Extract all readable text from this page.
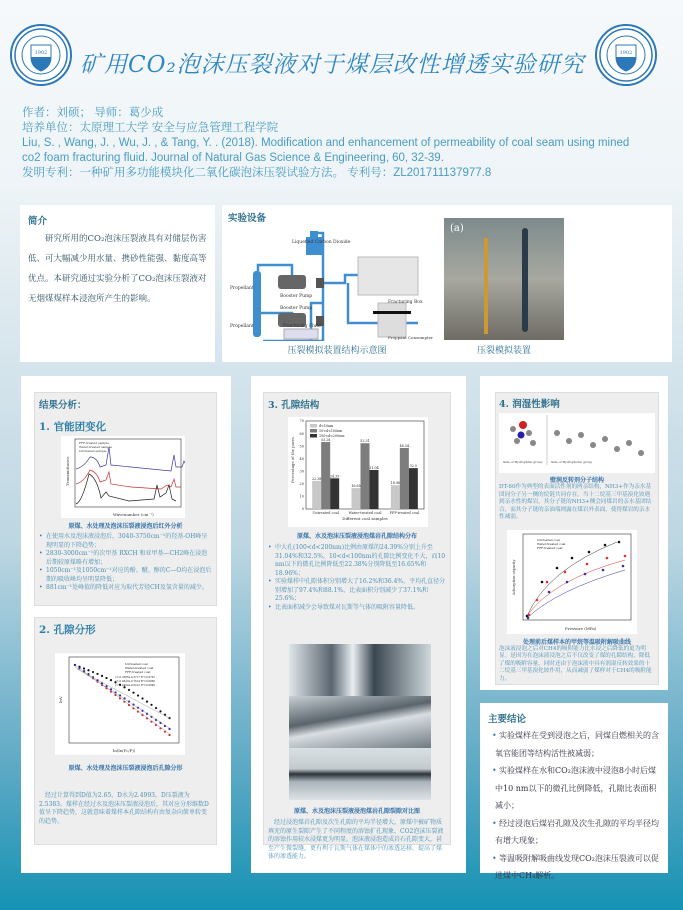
1902	1902
矿用CO₂泡沫压裂液对于煤层改性增透实验研究
作者：刘硕； 导师：葛少成
培养单位：太原理工大学 安全与应急管理工程学院
Liu, S. , Wang, J. , Wu, J. , & Tang, Y. . (2018). Modification and enhancement of permeability of coal seam using mined co2 foam fracturing fluid. Journal of Natural Gas Science & Engineering, 60, 32-39.
发明专利：一种矿用多功能模块化二氧化碳泡沫压裂试验方法。 专利号：ZL201711137977.8
简介

研究所用的CO₂泡沫压裂液具有对储层伤害低、可大幅减少用水量、携砂性能强、黏度高等优点。本研究通过实验分析了CO₂泡沫压裂液对无烟煤煤样本浸泡所产生的影响。

实验设备
Liquefied Carbon Dioxide
Propellant
Propellant
Booster Pump
Booster Pump
Fracturing Fluid
Fracturing Box
Proppant Consumpter
压裂模拟装置结构示意图
(a)
压裂模拟装置
结果分析：
1. 官能团变化
FFF-treated sample
Water-treated sample
Untreated sample
Wavenumber (cm⁻¹)
Transmittance
原煤、水处理及泡沫压裂液浸泡后红外分析
• 在使用水及泡沫液浸泡后，3040-3750cm⁻¹的羟基-OH峰呈现明显的下降趋势；
• 2830-3000cm⁻¹的次甲基 RXCH 和亚甲基—CH2峰在浸泡后期较原煤略有增加；
• 1050cm⁻¹及1050cm⁻¹对应的酚、醚、醇的C—O均在浸泡后期的吸收峰均呈明显降低；
• 881cm⁻¹处峰值的降低对应为取代芳烃CH及氢含量的减少。
2. 孔隙分形
Untreated coal
Water-treated coal
FFF-treated coal
y=-0.3386x-0.3717 R²=0.9797
y=-0.4620x-0.7614 R²=0.9860
y=-0.4464x-0.6212 R²=0.9846
ln(ln(P₀/P))
lnV
原煤、水处理及泡沫压裂液浸泡后孔隙分形
经过计算得到D值为2.65、D水为2.4993，D压裂液为2.5383。煤样在经过水及泡沫压裂液浸泡后，其对应分形维数D值呈下降趋势，这就意味着煤样本孔隙结构有由复杂向简单转变的趋势。
3. 孔隙结构
0
10
20
30
40
50
60
70
22.38
53.28
24.39
Untreated coal
16.65
52.31
31.04
Water-treated coal
18.96
48.54
32.5
FFF-treated coal
d<10nm
10<d<100nm
100<d<200nm
Different coal samples
Percentage of the pores
原煤、水及泡沫压裂液浸泡煤岩孔隙结构分布
• 中大孔(100<d<200nm)比例由原煤的24.39%分别上升至31.04%和32.5%，10<d<100nm的孔隙比例变化不大，而10 nm以下的微孔比例降低至22.38%分别降低至16.65%和18.96%；
• 实验煤样中孔隙体积分别增大了16.2%和36.4%，平均孔直径分别增加了97.4%和88.1%，比表面积分别减少了37.1%和25.6%；
• 比表面积减少会导致煤对瓦斯等气体的吸附容量降低。
原煤、水及泡沫压裂液浸泡煤岩孔隙裂隙对比图
经过浸泡煤岩孔隙及次生孔隙的平均半径增大。原煤中被矿物质填充的原生裂隙产生了不同程度的溶蚀扩孔现象，CO2泡沫压裂液的溶蚀作用较水浸煤更为明显。泡沫液浸泡造成岩石孔隙变大，甚至产生微裂缝，更有利于瓦斯气体在煤体中的渗透运移，提高了煤体的渗透能力。
4. 润湿性影响
Side of Hydrophilic group	Side of Hydrophobic group
壁润反转剂分子结构
DT-60作为典型的表面活性剂的两亲结构，NH3+作为亲水基团同分子另一侧的烷链共同存在。当十二烷基三甲基溴化铵遇到亲水性的煤岩，其分子链的NH3+侧会同煤岩的亲水基团结合，而其分子链的亲油端则露在煤岩外表面，使得煤岩的亲水性减弱。
Untreated coal
Water-treated coal
FFF-treated coal
Pressure (MPa)
Adsorption capacity
处理前后煤样本的甲烷等温吸附解吸曲线
泡沫液浸泡之后对CH4的吸附能力比水浸之后降低的更为明显。是因为在泡沫液浸泡之后不仅改变了煤的孔隙结构，降低了煤的吸附容量，同时还由于泡沫液中具有润湿反转效果的十二烷基三甲基溴化铵作用，从而减弱了煤样对于CH4的吸附能力。
主要结论
• 实验煤样在受到浸泡之后，同煤自燃相关的含氧官能团等结构活性被减弱；
• 实验煤样在水和CO₂泡沫液中浸泡8小时后煤中10 nm以下的微孔比例降低，孔隙比表面积减小；
• 经过浸泡后煤岩孔隙及次生孔隙的平均半径均有增大现象；
• 等温吸附解吸曲线发现CO₂泡沫压裂液可以促进煤中CH₄解析。
